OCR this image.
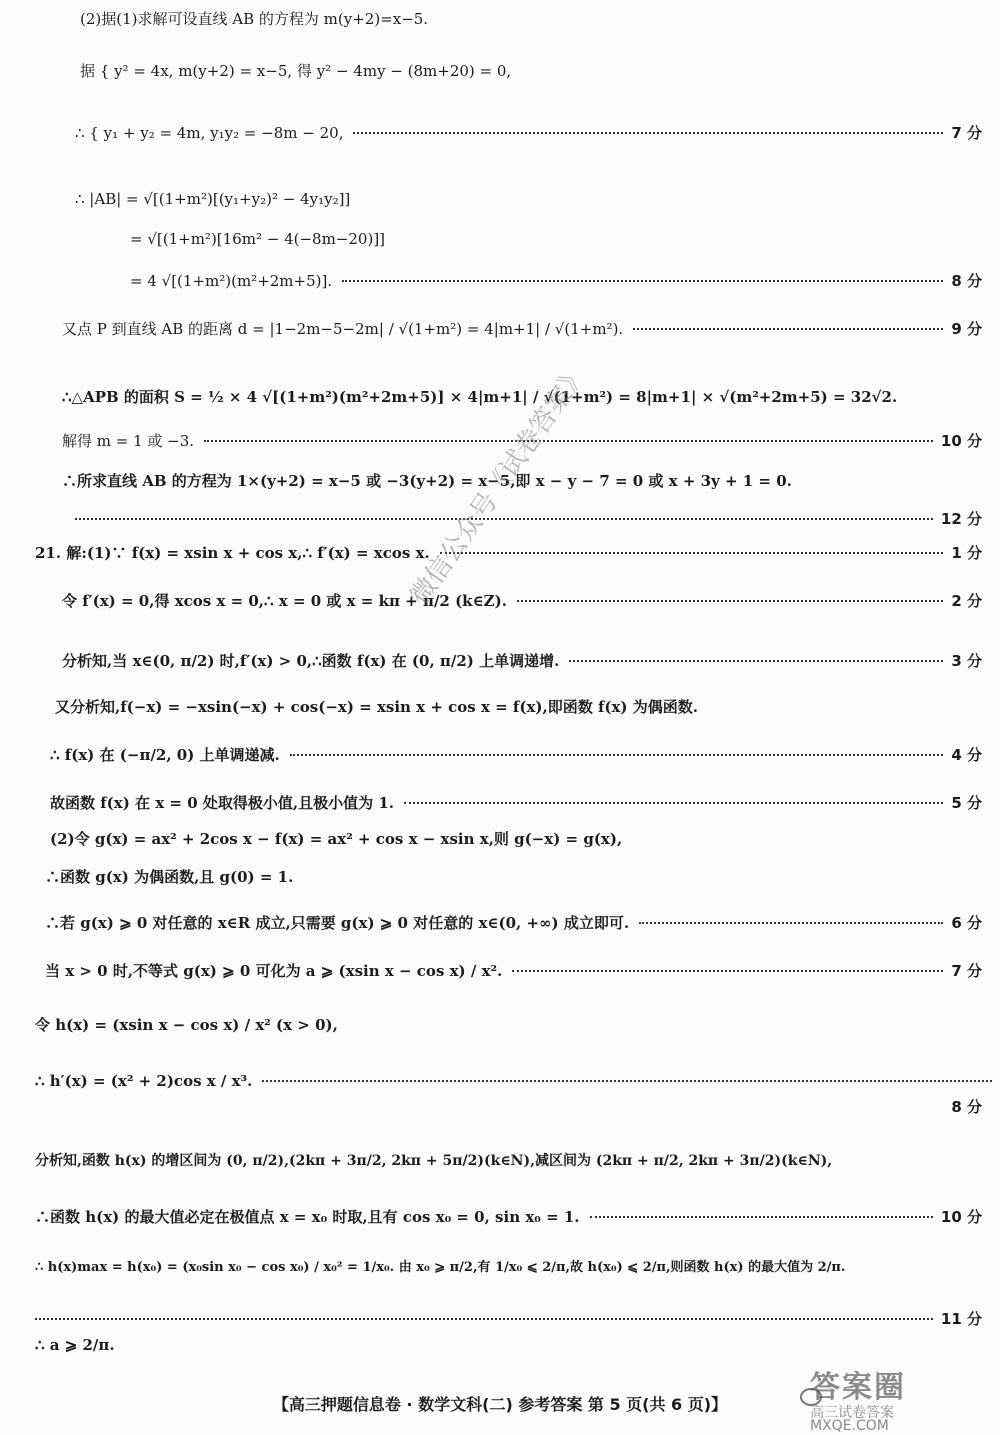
(2)据(1)求解可设直线 AB 的方程为 m(y+2)=x−5.
据 { y² = 4x, m(y+2) = x−5, 得 y² − 4my − (8m+20) = 0,
∴ { y₁ + y₂ = 4m, y₁y₂ = −8m − 20,	7 分
∴ |AB| = √[(1+m²)[(y₁+y₂)² − 4y₁y₂]]
= √[(1+m²)[16m² − 4(−8m−20)]]
= 4 √[(1+m²)(m²+2m+5)].	8 分
又点 P 到直线 AB 的距离 d = |1−2m−5−2m| / √(1+m²) = 4|m+1| / √(1+m²).	9 分
∴△APB 的面积 S = ½ × 4 √[(1+m²)(m²+2m+5)] × 4|m+1| / √(1+m²) = 8|m+1| × √(m²+2m+5) = 32√2.
解得 m = 1 或 −3.	10 分
∴所求直线 AB 的方程为 1×(y+2) = x−5 或 −3(y+2) = x−5,即 x − y − 7 = 0 或 x + 3y + 1 = 0.
12 分
21. 解:(1)∵ f(x) = xsin x + cos x,∴ f′(x) = xcos x.	1 分
令 f′(x) = 0,得 xcos x = 0,∴ x = 0 或 x = kπ + π/2 (k∈Z).	2 分
分析知,当 x∈(0, π/2) 时,f′(x) > 0,∴函数 f(x) 在 (0, π/2) 上单调递增.	3 分
又分析知,f(−x) = −xsin(−x) + cos(−x) = xsin x + cos x = f(x),即函数 f(x) 为偶函数.
∴ f(x) 在 (−π/2, 0) 上单调递减.	4 分
故函数 f(x) 在 x = 0 处取得极小值,且极小值为 1.	5 分
(2)令 g(x) = ax² + 2cos x − f(x) = ax² + cos x − xsin x,则 g(−x) = g(x),
∴函数 g(x) 为偶函数,且 g(0) = 1.
∴若 g(x) ⩾ 0 对任意的 x∈R 成立,只需要 g(x) ⩾ 0 对任意的 x∈(0, +∞) 成立即可.	6 分
当 x > 0 时,不等式 g(x) ⩾ 0 可化为 a ⩾ (xsin x − cos x) / x².	7 分
令 h(x) = (xsin x − cos x) / x² (x > 0),
∴ h′(x) = (x² + 2)cos x / x³.
8 分
分析知,函数 h(x) 的增区间为 (0, π/2),(2kπ + 3π/2, 2kπ + 5π/2)(k∈N),减区间为 (2kπ + π/2, 2kπ + 3π/2)(k∈N),
∴函数 h(x) 的最大值必定在极值点 x = x₀ 时取,且有 cos x₀ = 0, sin x₀ = 1.	10 分
∴ h(x)max = h(x₀) = (x₀sin x₀ − cos x₀) / x₀² = 1/x₀. 由 x₀ ⩾ π/2,有 1/x₀ ⩽ 2/π,故 h(x₀) ⩽ 2/π,则函数 h(x) 的最大值为 2/π.
11 分
∴ a ⩾ 2/π.
微信公众号《试卷答案》
答案圈
高三试卷答案
MXQE.COM
【高三押题信息卷 · 数学文科(二) 参考答案 第 5 页(共 6 页)】
